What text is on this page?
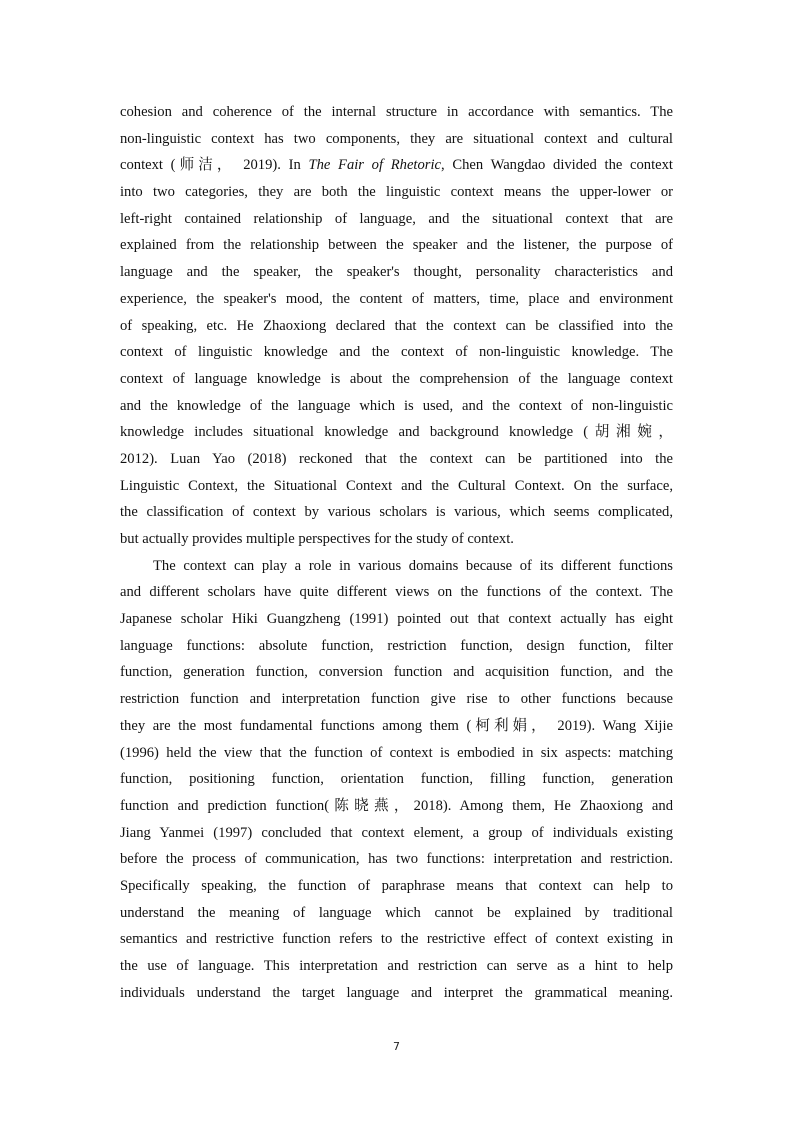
cohesion and coherence of the internal structure in accordance with semantics. The
non-linguistic context has two components, they are situational context and cultural
context (师洁， 2019). In The Fair of Rhetoric, Chen Wangdao divided the context
into two categories, they are both the linguistic context means the upper-lower or
left-right contained relationship of language, and the situational context that are
explained from the relationship between the speaker and the listener, the purpose of
language and the speaker, the speaker's thought, personality characteristics and
experience, the speaker's mood, the content of matters, time, place and environment
of speaking, etc. He Zhaoxiong declared that the context can be classified into the
context of linguistic knowledge and the context of non-linguistic knowledge. The
context of language knowledge is about the comprehension of the language context
and the knowledge of the language which is used, and the context of non-linguistic
knowledge includes situational knowledge and background knowledge (胡湘婉，
2012). Luan Yao (2018) reckoned that the context can be partitioned into the
Linguistic Context, the Situational Context and the Cultural Context. On the surface,
the classification of context by various scholars is various, which seems complicated,
but actually provides multiple perspectives for the study of context.
The context can play a role in various domains because of its different functions
and different scholars have quite different views on the functions of the context. The
Japanese scholar Hiki Guangzheng (1991) pointed out that context actually has eight
language functions: absolute function, restriction function, design function, filter
function, generation function, conversion function and acquisition function, and the
restriction function and interpretation function give rise to other functions because
they are the most fundamental functions among them (柯利娟， 2019). Wang Xijie
(1996) held the view that the function of context is embodied in six aspects: matching
function, positioning function, orientation function, filling function, generation
function and prediction function(陈晓燕，2018). Among them, He Zhaoxiong and
Jiang Yanmei (1997) concluded that context element, a group of individuals existing
before the process of communication, has two functions: interpretation and restriction.
Specifically speaking, the function of paraphrase means that context can help to
understand the meaning of language which cannot be explained by traditional
semantics and restrictive function refers to the restrictive effect of context existing in
the use of language. This interpretation and restriction can serve as a hint to help
individuals understand the target language and interpret the grammatical meaning.
7
